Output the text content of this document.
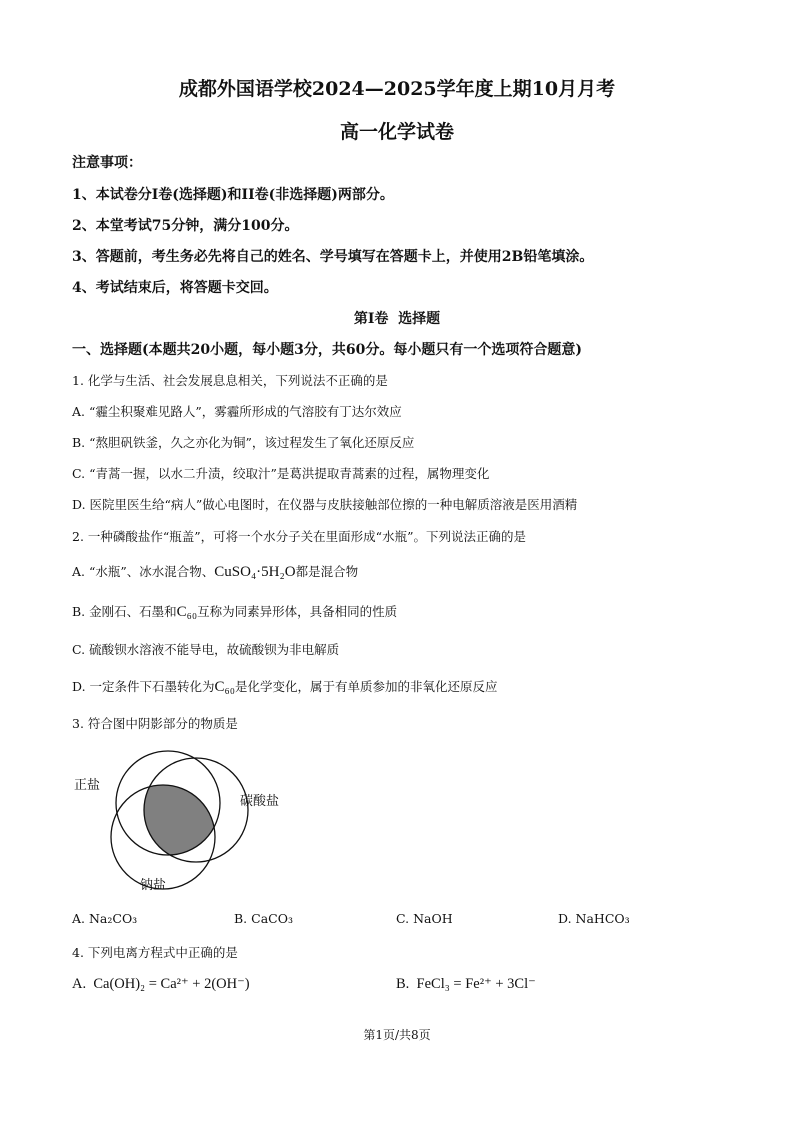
成都外国语学校2024—2025学年度上期10月月考
高一化学试卷
注意事项：
1、本试卷分I卷(选择题)和II卷(非选择题)两部分。
2、本堂考试75分钟，满分100分。
3、答题前，考生务必先将自己的姓名、学号填写在答题卡上，并使用2B铅笔填涂。
4、考试结束后，将答题卡交回。
第I卷  选择题
一、选择题(本题共20小题，每小题3分，共60分。每小题只有一个选项符合题意)
1. 化学与生活、社会发展息息相关，下列说法不正确的是
A. “霾尘积聚难见路人”，雾霾所形成的气溶胶有丁达尔效应
B. “熬胆矾铁釜，久之亦化为铜”，该过程发生了氧化还原反应
C. “青蒿一握，以水二升渍，绞取汁”是葛洪提取青蒿素的过程，属物理变化
D. 医院里医生给“病人”做心电图时，在仪器与皮肤接触部位擦的一种电解质溶液是医用酒精
2. 一种磷酸盐作“瓶盖”，可将一个水分子关在里面形成“水瓶”。下列说法正确的是
A. “水瓶”、冰水混合物、CuSO₄·5H₂O都是混合物
B. 金刚石、石墨和C₆₀互称为同素异形体，具备相同的性质
C. 硫酸钡水溶液不能导电，故硫酸钡为非电解质
D. 一定条件下石墨转化为C₆₀是化学变化，属于有单质参加的非氧化还原反应
3. 符合图中阴影部分的物质是
正盐
碳酸盐
钠盐
A. Na₂CO₃	B. CaCO₃	C. NaOH	D. NaHCO₃
4. 下列电离方程式中正确的是
A.  Ca(OH)₂ = Ca²⁺ + 2(OH⁻)	B.  FeCl₃ = Fe²⁺ + 3Cl⁻
第1页/共8页
